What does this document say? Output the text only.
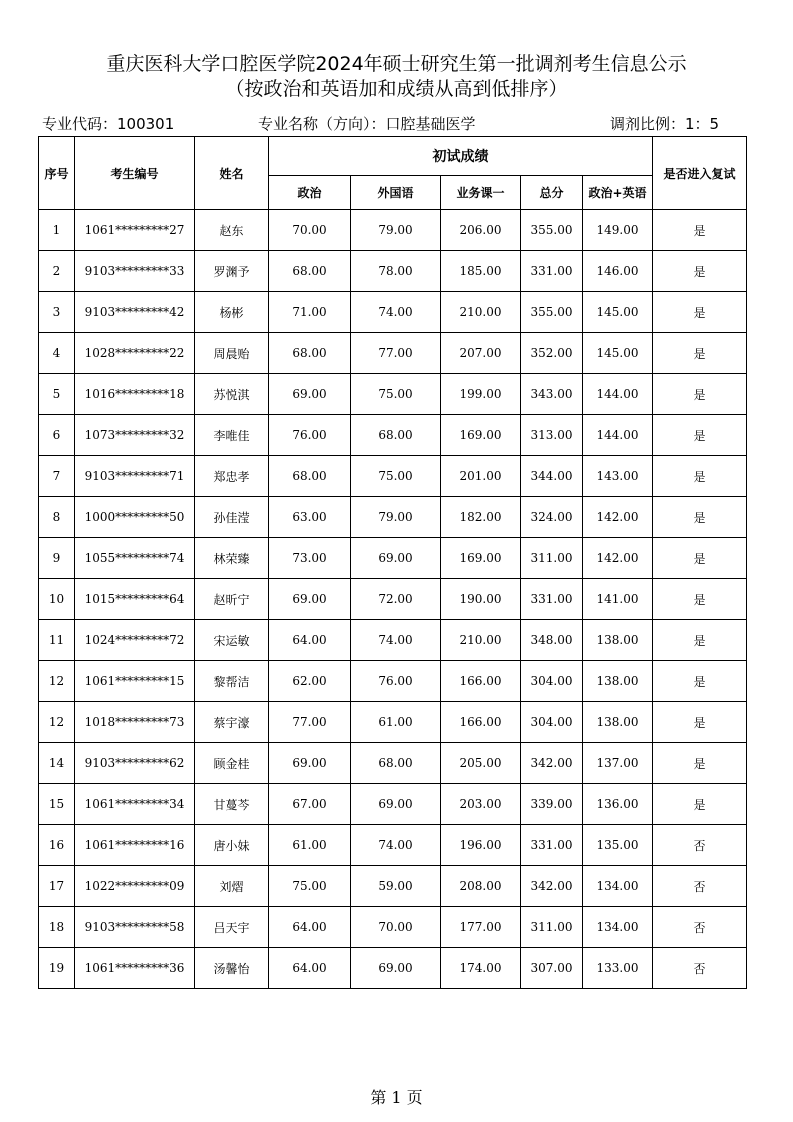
重庆医科大学口腔医学院2024年硕士研究生第一批调剂考生信息公示
（按政治和英语加和成绩从高到低排序）
专业代码：100301	专业名称（方向）：口腔基础医学	调剂比例：1：5
序号	考生编号	姓名	初试成绩					是否进入复试
			政治	外国语	业务课一	总分	政治+英语	
1	1061*********27	赵东	70.00	79.00	206.00	355.00	149.00	是
2	9103*********33	罗渊予	68.00	78.00	185.00	331.00	146.00	是
3	9103*********42	杨彬	71.00	74.00	210.00	355.00	145.00	是
4	1028*********22	周晨贻	68.00	77.00	207.00	352.00	145.00	是
5	1016*********18	苏悦淇	69.00	75.00	199.00	343.00	144.00	是
6	1073*********32	李唯佳	76.00	68.00	169.00	313.00	144.00	是
7	9103*********71	郑忠孝	68.00	75.00	201.00	344.00	143.00	是
8	1000*********50	孙佳滢	63.00	79.00	182.00	324.00	142.00	是
9	1055*********74	林荣臻	73.00	69.00	169.00	311.00	142.00	是
10	1015*********64	赵昕宁	69.00	72.00	190.00	331.00	141.00	是
11	1024*********72	宋运敏	64.00	74.00	210.00	348.00	138.00	是
12	1061*********15	黎帮洁	62.00	76.00	166.00	304.00	138.00	是
12	1018*********73	蔡宇濠	77.00	61.00	166.00	304.00	138.00	是
14	9103*********62	顾金桂	69.00	68.00	205.00	342.00	137.00	是
15	1061*********34	甘蔓芩	67.00	69.00	203.00	339.00	136.00	是
16	1061*********16	唐小妹	61.00	74.00	196.00	331.00	135.00	否
17	1022*********09	刘熠	75.00	59.00	208.00	342.00	134.00	否
18	9103*********58	吕天宇	64.00	70.00	177.00	311.00	134.00	否
19	1061*********36	汤馨怡	64.00	69.00	174.00	307.00	133.00	否
第 1 页
